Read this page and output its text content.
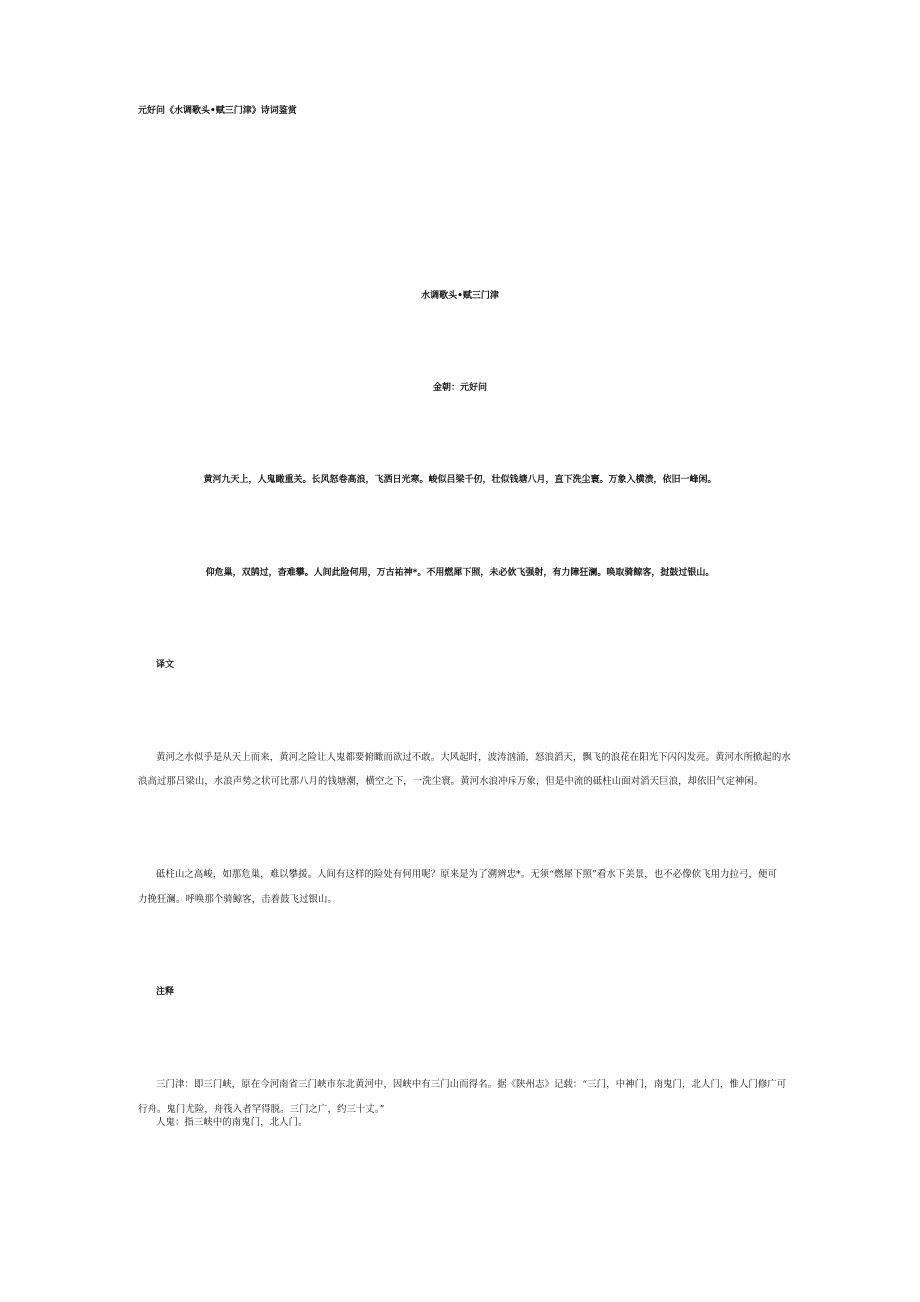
元好问《水调歌头•赋三门津》诗词鉴赏

水调歌头•赋三门津

金朝：元好问

黄河九天上，人鬼瞰重关。长风怒卷高浪，飞洒日光寒。峻似吕梁千仞，壮似钱塘八月，直下洗尘寰。万象入横溃，依旧一峰闲。

仰危巢，双鹄过，杳难攀。人间此险何用，万古祐神*。不用燃犀下照，未必佽飞强射，有力障狂澜。唤取骑鲸客，挝鼓过银山。

译文

黄河之水似乎是从天上而来，黄河之险让人鬼都要俯瞰而欲过不敢。大风起时，波涛汹涌，怒浪滔天，飘飞的浪花在阳光下闪闪发亮。黄河水所掀起的水

浪高过那吕梁山，水浪声势之状可比那八月的钱塘潮，横空之下，一洗尘寰。黄河水浪冲斥万象，但是中流的砥柱山面对滔天巨浪，却依旧气定神闲。

砥柱山之高峻，如那危巢，难以攀援。人间有这样的险处有何用呢？原来是为了溯辨忠*。无须“燃犀下照”看水下美景，也不必像佽飞用力拉弓，便可

力挽狂澜。呼唤那个骑鲸客，击着鼓飞过银山。

注释

三门津：即三门峡，原在今河南省三门峡市东北黄河中，因峡中有三门山而得名。据《陕州志》记载：“三门，中神门，南鬼门，北人门，惟人门修广可

行舟。鬼门尤险，舟筏入者罕得脱。三门之广，约三十丈。”

人鬼：指三峡中的南鬼门，北人门。
